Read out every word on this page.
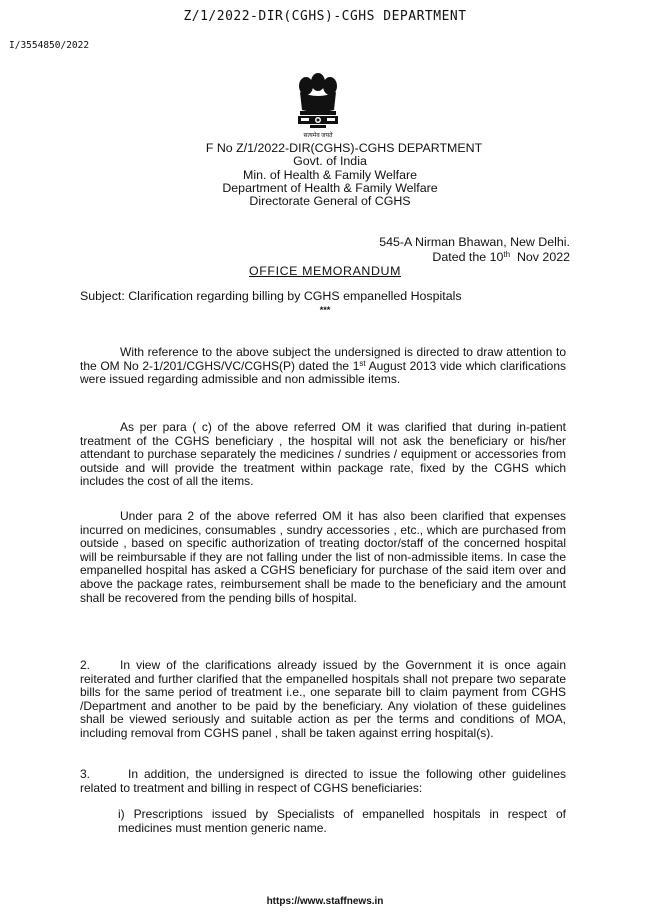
Z/1/2022-DIR(CGHS)-CGHS DEPARTMENT
I/3554850/2022
सत्यमेव जयते
F No Z/1/2022-DIR(CGHS)-CGHS DEPARTMENT
Govt. of India
Min. of Health & Family Welfare
Department of Health & Family Welfare
Directorate General of CGHS
545-A Nirman Bhawan, New Delhi.
Dated the 10th  Nov 2022
OFFICE MEMORANDUM
Subject: Clarification regarding billing by CGHS empanelled Hospitals
***

With reference to the above subject the undersigned is directed to draw attention to the OM No 2-1/201/CGHS/VC/CGHS(P) dated the 1st August 2013 vide which clarifications were issued regarding admissible and non admissible items.

As per para ( c) of the above referred OM it was clarified that during in-patient treatment of the CGHS beneficiary , the hospital will not ask the beneficiary or his/her attendant to purchase separately the medicines / sundries / equipment or accessories from outside and will provide the treatment within package rate, fixed by the CGHS which includes the cost of all the items.

Under para 2 of the above referred OM it has also been clarified that expenses incurred on medicines, consumables , sundry accessories , etc., which are purchased from outside , based on specific authorization of treating doctor/staff of the concerned hospital will be reimbursable if they are not falling under the list of non-admissible items. In case the empanelled hospital has asked a CGHS beneficiary for purchase of the said item over and above the package rates, reimbursement shall be made to the beneficiary and the amount shall be recovered from the pending bills of hospital.

2. In view of the clarifications already issued by the Government it is once again reiterated and further clarified that the empanelled hospitals shall not prepare two separate bills for the same period of treatment i.e., one separate bill to claim payment from CGHS /Department and another to be paid by the beneficiary. Any violation of these guidelines shall be viewed seriously and suitable action as per the terms and conditions of MOA, including removal from CGHS panel , shall be taken against erring hospital(s).

3.	In addition, the undersigned is directed to issue the following other guidelines related to treatment and billing in respect of CGHS beneficiaries:

i) Prescriptions issued by Specialists of empanelled hospitals in respect of medicines must mention generic name.

https://www.staffnews.in
